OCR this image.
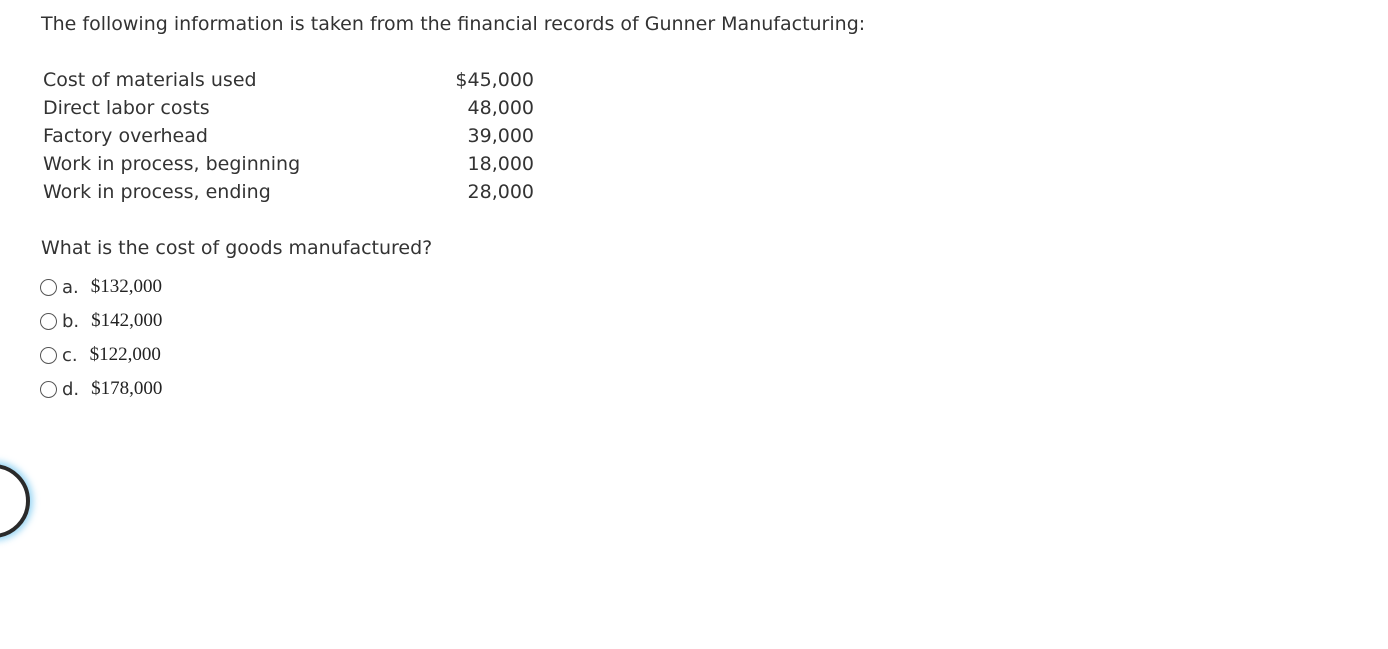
The following information is taken from the financial records of Gunner Manufacturing:
Cost of materials used	$45,000
Direct labor costs	48,000
Factory overhead	39,000
Work in process, beginning	18,000
Work in process, ending	28,000
What is the cost of goods manufactured?
a. $132,000
b. $142,000
c. $122,000
d. $178,000
